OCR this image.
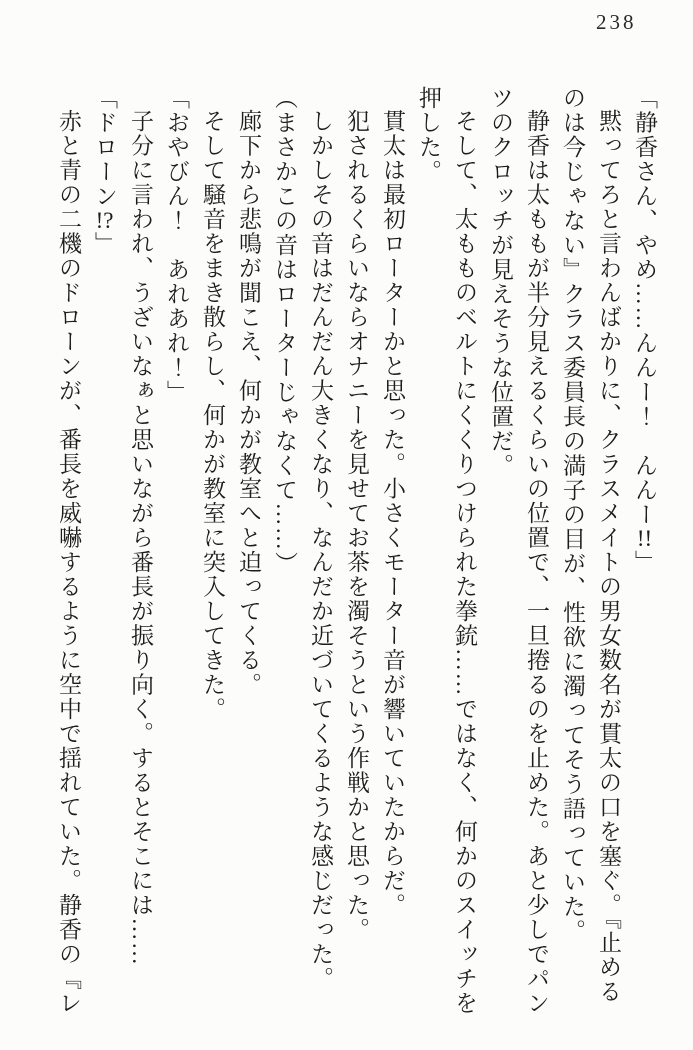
238

「静香さん、やめ……んんー！　んんー!!」

黙ってろと言わんばかりに、クラスメイトの男女数名が貫太の口を塞ぐ。『止める

のは今じゃない』クラス委員長の満子の目が、性欲に濁ってそう語っていた。

静香は太ももが半分見えるくらいの位置で、一旦捲るのを止めた。あと少しでパン

ツのクロッチが見えそうな位置だ。

そして、太もものベルトにくくりつけられた拳銃……ではなく、何かのスイッチを

押した。

貫太は最初ローターかと思った。小さくモーター音が響いていたからだ。

犯されるくらいならオナニーを見せてお茶を濁そうという作戦かと思った。

しかしその音はだんだん大きくなり、なんだか近づいてくるような感じだった。

（まさかこの音はローターじゃなくて……）

廊下から悲鳴が聞こえ、何かが教室へと迫ってくる。

そして騒音をまき散らし、何かが教室に突入してきた。

「おやびん！　あれあれ！」

子分に言われ、うざいなぁと思いながら番長が振り向く。するとそこには……

「ドローン!?」

赤と青の二機のドローンが、番長を威嚇するように空中で揺れていた。静香の『レ
